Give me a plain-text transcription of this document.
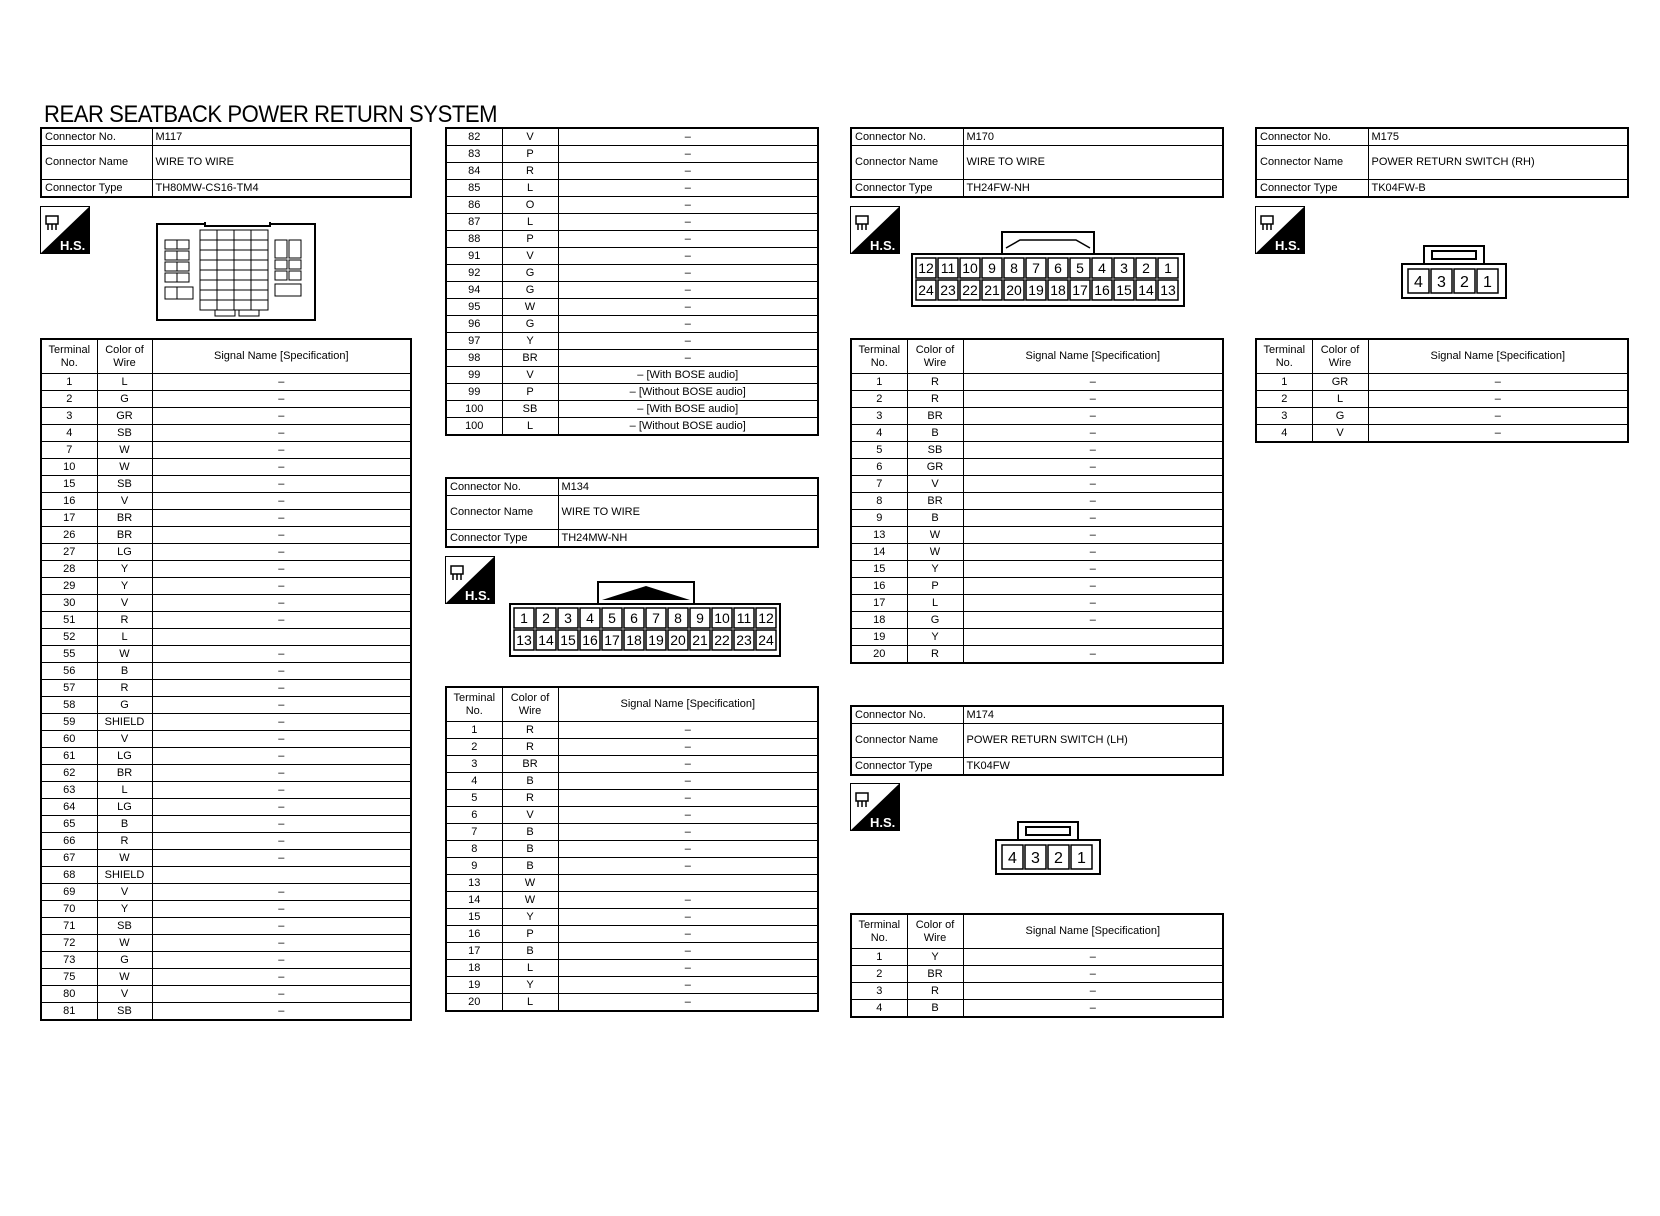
REAR SEATBACK POWER RETURN SYSTEM
Connector No.	M117
Connector Name	WIRE TO WIRE
Connector Type	TH80MW-CS16-TM4
H.S.
Terminal No.	Color of Wire	Signal Name [Specification]
1	L	–
2	G	–
3	GR	–
4	SB	–
7	W	–
10	W	–
15	SB	–
16	V	–
17	BR	–
26	BR	–
27	LG	–
28	Y	–
29	Y	–
30	V	–
51	R	–
52	L	
55	W	–
56	B	–
57	R	–
58	G	–
59	SHIELD	–
60	V	–
61	LG	–
62	BR	–
63	L	–
64	LG	–
65	B	–
66	R	–
67	W	–
68	SHIELD	
69	V	–
70	Y	–
71	SB	–
72	W	–
73	G	–
75	W	–
80	V	–
81	SB	–
82	V	–
83	P	–
84	R	–
85	L	–
86	O	–
87	L	–
88	P	–
91	V	–
92	G	–
94	G	–
95	W	–
96	G	–
97	Y	–
98	BR	–
99	V	– [With BOSE audio]
99	P	– [Without BOSE audio]
100	SB	– [With BOSE audio]
100	L	– [Without BOSE audio]
Connector No.	M134
Connector Name	WIRE TO WIRE
Connector Type	TH24MW-NH
H.S.
1 2 3 4 5 6 7 8 9 10 11 12
13 14 15 16 17 18 19 20 21 22 23 24
Terminal No.	Color of Wire	Signal Name [Specification]
1	R	–
2	R	–
3	BR	–
4	B	–
5	R	–
6	V	–
7	B	–
8	B	–
9	B	–
13	W	
14	W	–
15	Y	–
16	P	–
17	B	–
18	L	–
19	Y	–
20	L	–
Connector No.	M170
Connector Name	WIRE TO WIRE
Connector Type	TH24FW-NH
H.S.
12 11 10 9 8 7 6 5 4 3 2 1
24 23 22 21 20 19 18 17 16 15 14 13
Terminal No.	Color of Wire	Signal Name [Specification]
1	R	–
2	R	–
3	BR	–
4	B	–
5	SB	–
6	GR	–
7	V	–
8	BR	–
9	B	–
13	W	–
14	W	–
15	Y	–
16	P	–
17	L	–
18	G	–
19	Y	
20	R	–
Connector No.	M174
Connector Name	POWER RETURN SWITCH (LH)
Connector Type	TK04FW
H.S.
4 3 2 1
Terminal No.	Color of Wire	Signal Name [Specification]
1	Y	–
2	BR	–
3	R	–
4	B	–
Connector No.	M175
Connector Name	POWER RETURN SWITCH (RH)
Connector Type	TK04FW-B
H.S.
4 3 2 1
Terminal No.	Color of Wire	Signal Name [Specification]
1	GR	–
2	L	–
3	G	–
4	V	–
